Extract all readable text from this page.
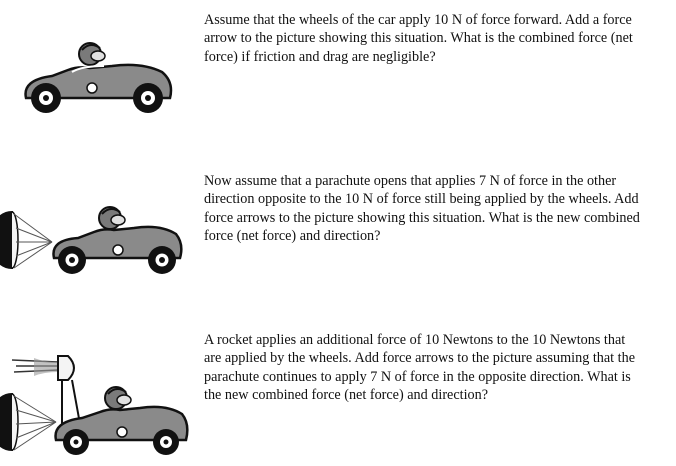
Assume that the wheels of the car apply 10 N of force forward. Add a force arrow to the picture showing this situation. What is the combined force (net force) if friction and drag are negligible?

Now assume that a parachute opens that applies 7 N of force in the other direction opposite to the 10 N of force still being applied by the wheels. Add force arrows to the picture showing this situation. What is the new combined force (net force) and direction?

A rocket applies an additional force of 10 Newtons to the 10 Newtons that are applied by the wheels. Add force arrows to the picture assuming that the parachute continues to apply 7 N of force in the opposite direction. What is the new combined force (net force) and direction?
